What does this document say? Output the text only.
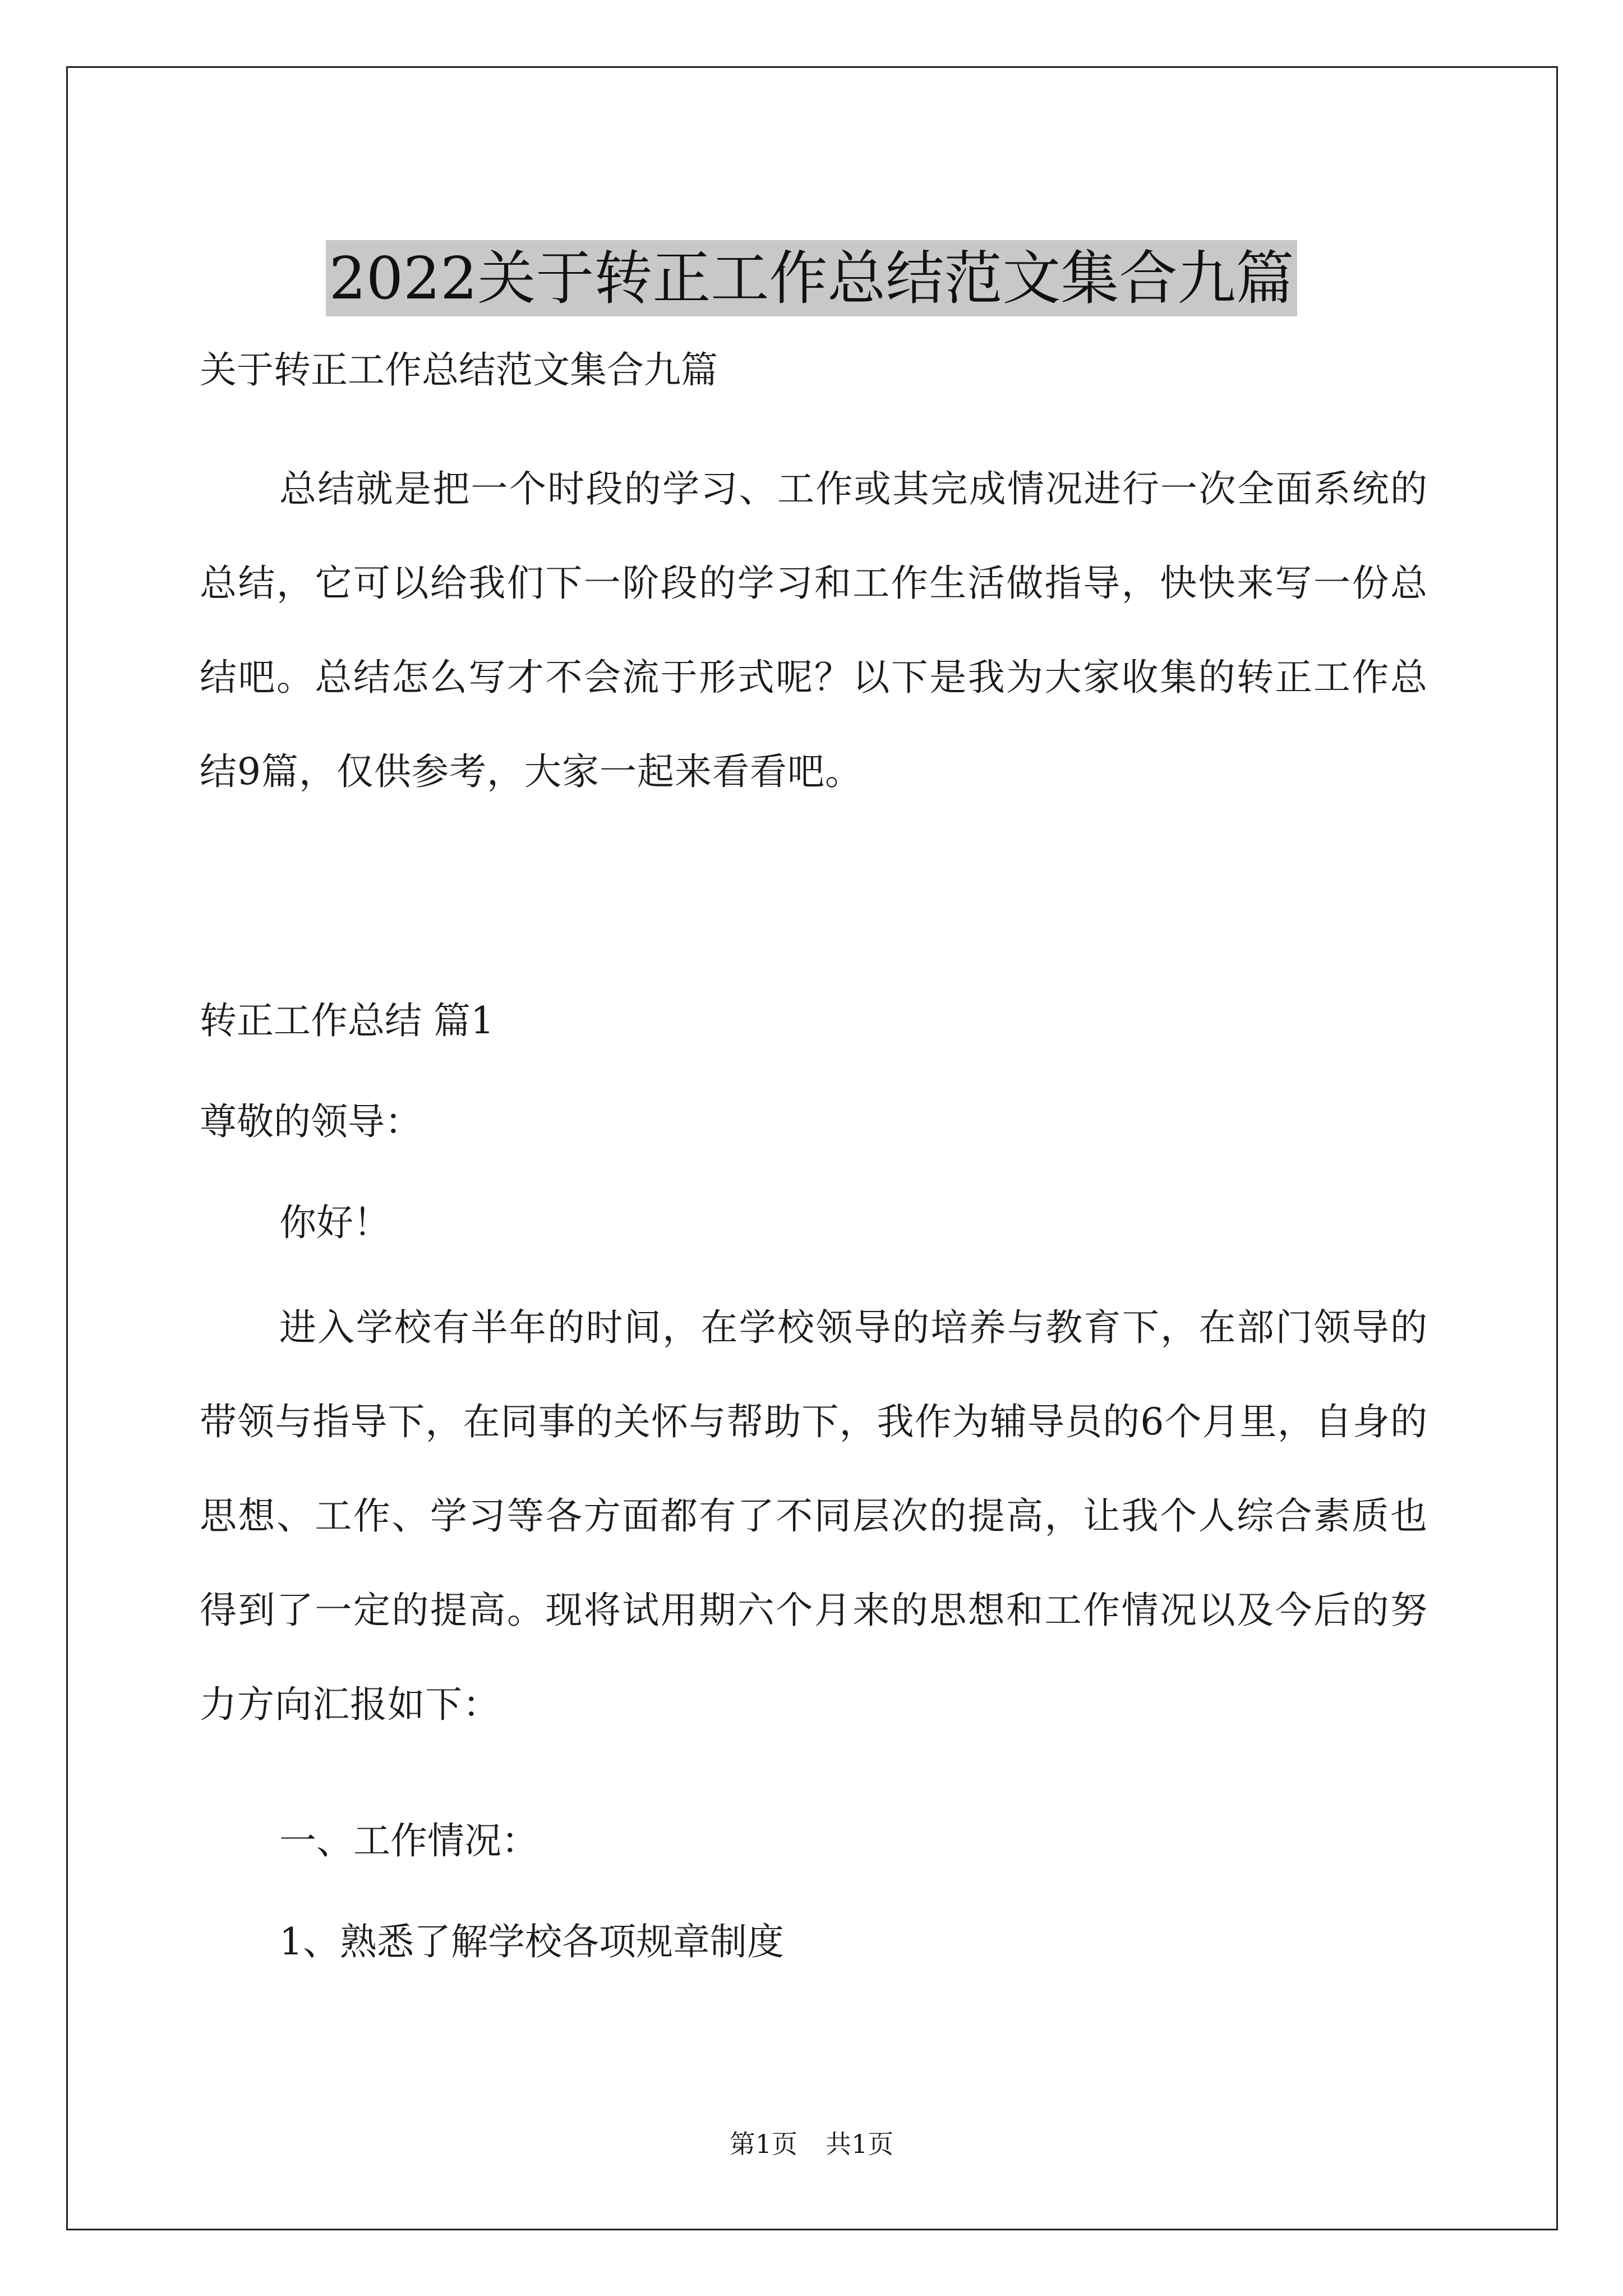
2022关于转正工作总结范文集合九篇
关于转正工作总结范文集合九篇
总结就是把一个时段的学习、工作或其完成情况进行一次全面系统的总结，它可以给我们下一阶段的学习和工作生活做指导，快快来写一份总结吧。总结怎么写才不会流于形式呢？以下是我为大家收集的转正工作总结9篇，仅供参考，大家一起来看看吧。
转正工作总结 篇1
尊敬的领导：
你好！
进入学校有半年的时间，在学校领导的培养与教育下，在部门领导的带领与指导下，在同事的关怀与帮助下，我作为辅导员的6个月里，自身的思想、工作、学习等各方面都有了不同层次的提高，让我个人综合素质也得到了一定的提高。现将试用期六个月来的思想和工作情况以及今后的努力方向汇报如下：
一、工作情况：
1、熟悉了解学校各项规章制度
第1页 共1页
